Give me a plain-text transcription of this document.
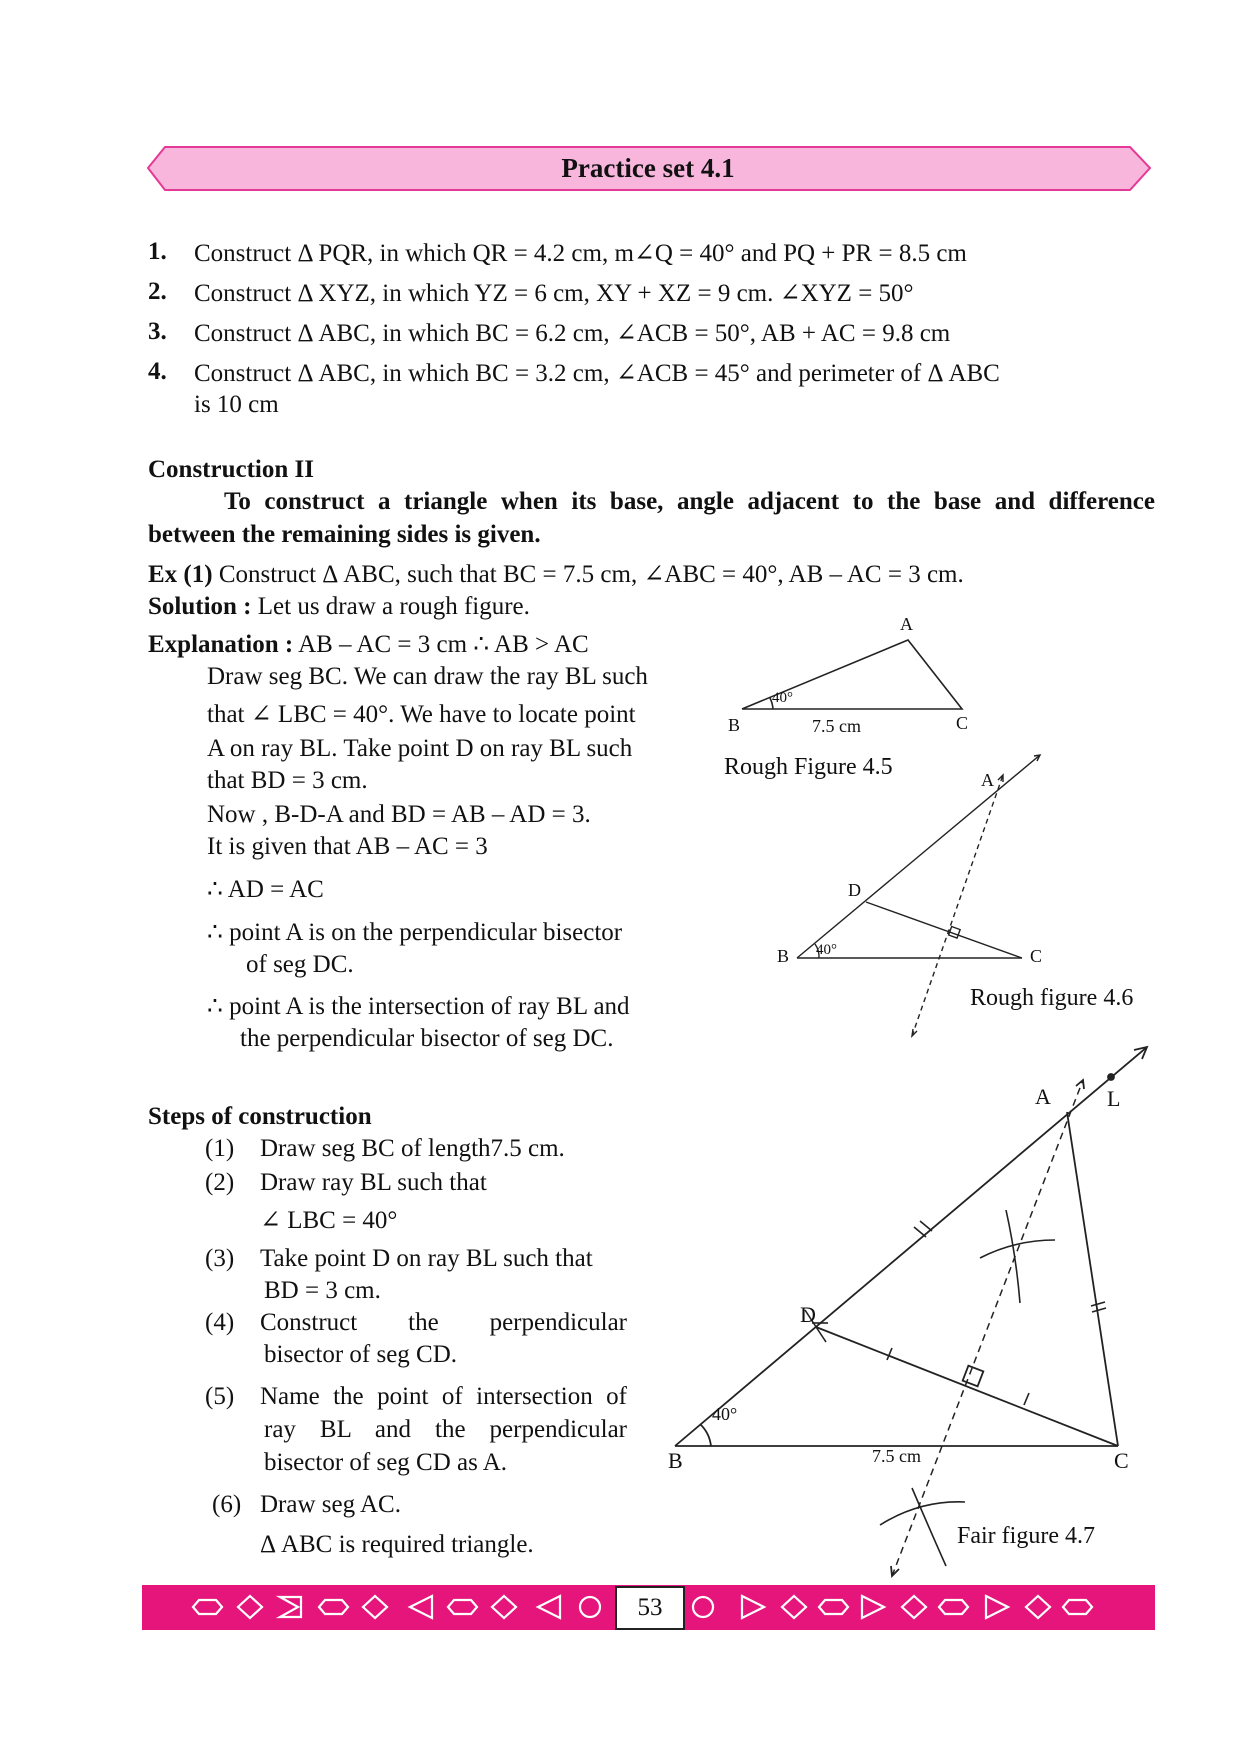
Practice set 4.1
1. Construct Δ PQR, in which QR = 4.2 cm, m∠Q = 40° and PQ + PR = 8.5 cm
2. Construct Δ XYZ, in which YZ = 6 cm, XY + XZ = 9 cm. ∠XYZ = 50°
3. Construct Δ ABC, in which BC = 6.2 cm, ∠ACB = 50°, AB + AC = 9.8 cm
4. Construct Δ ABC, in which BC = 3.2 cm, ∠ACB = 45° and perimeter of Δ ABC
is 10 cm
Construction II
To construct a triangle when its base, angle adjacent to the base and difference
between the remaining sides is given.
Ex (1) Construct Δ ABC, such that BC = 7.5 cm, ∠ABC = 40°, AB – AC = 3 cm.
Solution : Let us draw a rough figure.
Explanation : AB – AC = 3 cm ∴ AB > AC
Draw seg BC. We can draw the ray BL such
that ∠ LBC = 40°. We have to locate point
A on ray BL. Take point D on ray BL such
that BD = 3 cm.
Now , B-D-A and BD = AB – AD = 3.
It is given that AB – AC = 3
∴ AD = AC
∴ point A is on the perpendicular bisector
of seg DC.
∴ point A is the intersection of ray BL and
the perpendicular bisector of seg DC.
Steps of construction
(1) Draw seg BC of length7.5 cm.
(2) Draw ray BL such that
∠ LBC = 40°
(3) Take point D on ray BL such that
BD = 3 cm.
(4) Construct the perpendicular
bisector of seg CD.
(5) Name the point of intersection of
ray BL and the perpendicular
bisector of seg CD as A.
(6) Draw seg AC.
Δ ABC is required triangle.
A
B	C
40°
7.5 cm
Rough Figure 4.5	A
B	C
D
40°
Rough figure 4.6
A	L
B	C
D
40°
7.5 cm
Fair figure 4.7
53
